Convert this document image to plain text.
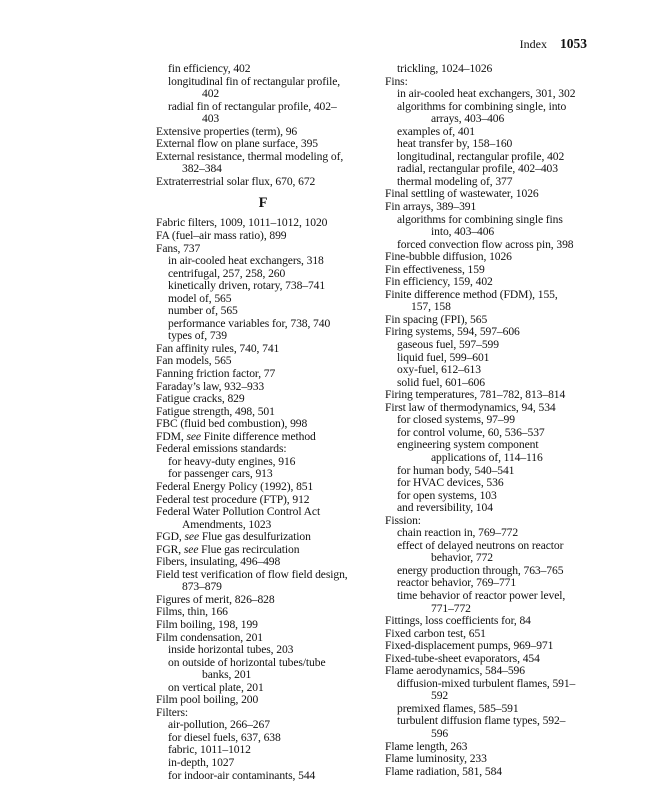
Index 1053
fin efficiency, 402
longitudinal fin of rectangular profile,
402
radial fin of rectangular profile, 402–
403
Extensive properties (term), 96
External flow on plane surface, 395
External resistance, thermal modeling of,
382–384
Extraterrestrial solar flux, 670, 672
F
Fabric filters, 1009, 1011–1012, 1020
FA (fuel–air mass ratio), 899
Fans, 737
in air-cooled heat exchangers, 318
centrifugal, 257, 258, 260
kinetically driven, rotary, 738–741
model of, 565
number of, 565
performance variables for, 738, 740
types of, 739
Fan affinity rules, 740, 741
Fan models, 565
Fanning friction factor, 77
Faraday’s law, 932–933
Fatigue cracks, 829
Fatigue strength, 498, 501
FBC (fluid bed combustion), 998
FDM, see Finite difference method
Federal emissions standards:
for heavy-duty engines, 916
for passenger cars, 913
Federal Energy Policy (1992), 851
Federal test procedure (FTP), 912
Federal Water Pollution Control Act
Amendments, 1023
FGD, see Flue gas desulfurization
FGR, see Flue gas recirculation
Fibers, insulating, 496–498
Field test verification of flow field design,
873–879
Figures of merit, 826–828
Films, thin, 166
Film boiling, 198, 199
Film condensation, 201
inside horizontal tubes, 203
on outside of horizontal tubes/tube
banks, 201
on vertical plate, 201
Film pool boiling, 200
Filters:
air-pollution, 266–267
for diesel fuels, 637, 638
fabric, 1011–1012
in-depth, 1027
for indoor-air contaminants, 544
trickling, 1024–1026
Fins:
in air-cooled heat exchangers, 301, 302
algorithms for combining single, into
arrays, 403–406
examples of, 401
heat transfer by, 158–160
longitudinal, rectangular profile, 402
radial, rectangular profile, 402–403
thermal modeling of, 377
Final settling of wastewater, 1026
Fin arrays, 389–391
algorithms for combining single fins
into, 403–406
forced convection flow across pin, 398
Fine-bubble diffusion, 1026
Fin effectiveness, 159
Fin efficiency, 159, 402
Finite difference method (FDM), 155,
157, 158
Fin spacing (FPI), 565
Firing systems, 594, 597–606
gaseous fuel, 597–599
liquid fuel, 599–601
oxy-fuel, 612–613
solid fuel, 601–606
Firing temperatures, 781–782, 813–814
First law of thermodynamics, 94, 534
for closed systems, 97–99
for control volume, 60, 536–537
engineering system component
applications of, 114–116
for human body, 540–541
for HVAC devices, 536
for open systems, 103
and reversibility, 104
Fission:
chain reaction in, 769–772
effect of delayed neutrons on reactor
behavior, 772
energy production through, 763–765
reactor behavior, 769–771
time behavior of reactor power level,
771–772
Fittings, loss coefficients for, 84
Fixed carbon test, 651
Fixed-displacement pumps, 969–971
Fixed-tube-sheet evaporators, 454
Flame aerodynamics, 584–596
diffusion-mixed turbulent flames, 591–
592
premixed flames, 585–591
turbulent diffusion flame types, 592–
596
Flame length, 263
Flame luminosity, 233
Flame radiation, 581, 584
